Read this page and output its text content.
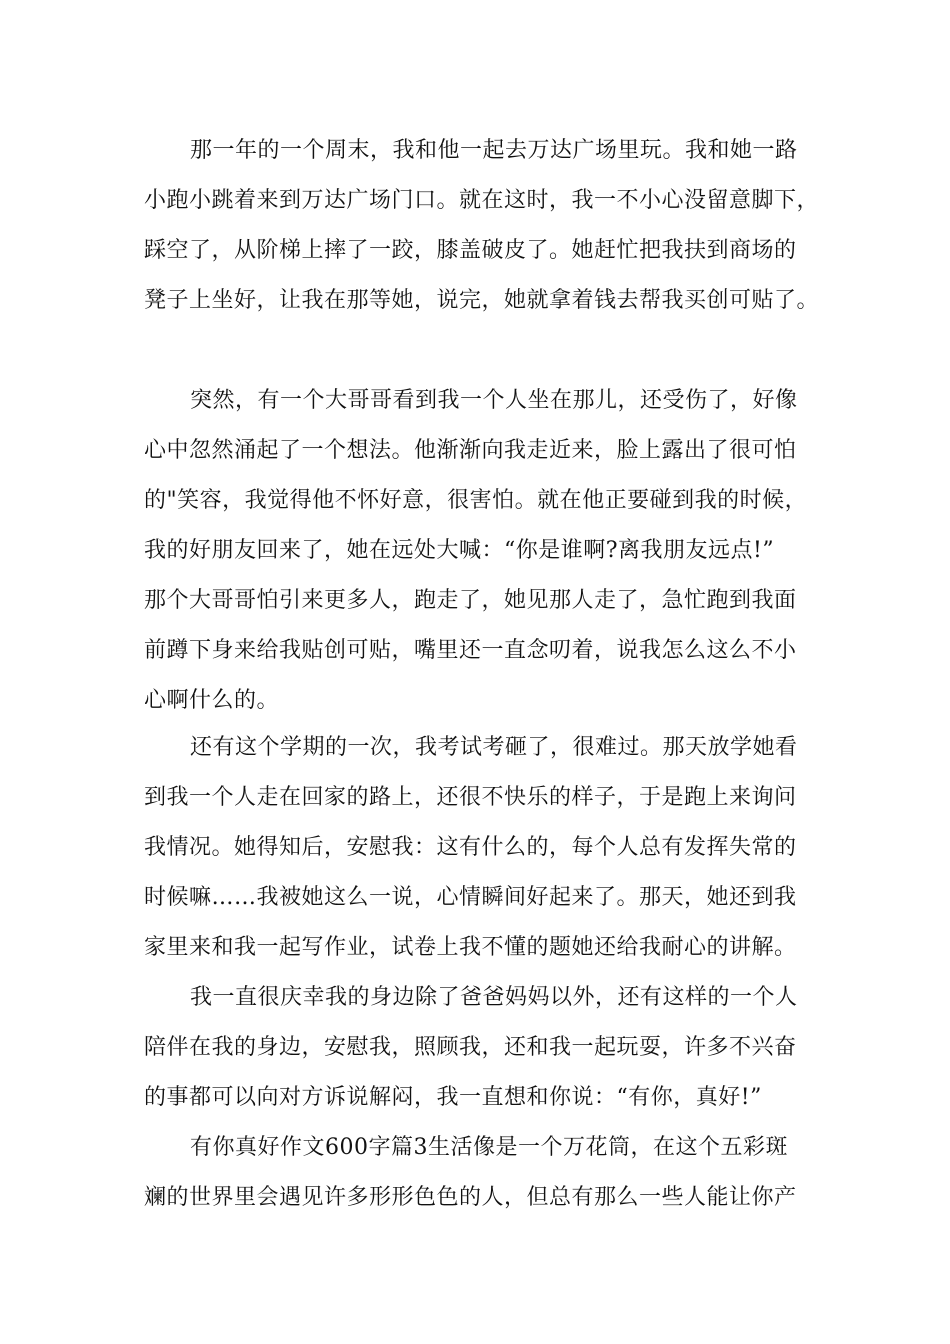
那一年的一个周末，我和他一起去万达广场里玩。我和她一路
小跑小跳着来到万达广场门口。就在这时，我一不小心没留意脚下，
踩空了，从阶梯上摔了一跤，膝盖破皮了。她赶忙把我扶到商场的
凳子上坐好，让我在那等她，说完，她就拿着钱去帮我买创可贴了。
突然，有一个大哥哥看到我一个人坐在那儿，还受伤了，好像
心中忽然涌起了一个想法。他渐渐向我走近来，脸上露出了很可怕
的"笑容，我觉得他不怀好意，很害怕。就在他正要碰到我的时候，
我的好朋友回来了，她在远处大喊：“你是谁啊?离我朋友远点!”
那个大哥哥怕引来更多人，跑走了，她见那人走了，急忙跑到我面
前蹲下身来给我贴创可贴，嘴里还一直念叨着，说我怎么这么不小
心啊什么的。
还有这个学期的一次，我考试考砸了，很难过。那天放学她看
到我一个人走在回家的路上，还很不快乐的样子，于是跑上来询问
我情况。她得知后，安慰我：这有什么的，每个人总有发挥失常的
时候嘛……我被她这么一说，心情瞬间好起来了。那天，她还到我
家里来和我一起写作业，试卷上我不懂的题她还给我耐心的讲解。
我一直很庆幸我的身边除了爸爸妈妈以外，还有这样的一个人
陪伴在我的身边，安慰我，照顾我，还和我一起玩耍，许多不兴奋
的事都可以向对方诉说解闷，我一直想和你说：“有你，真好!”
有你真好作文600字篇3生活像是一个万花筒，在这个五彩斑
斓的世界里会遇见许多形形色色的人，但总有那么一些人能让你产
